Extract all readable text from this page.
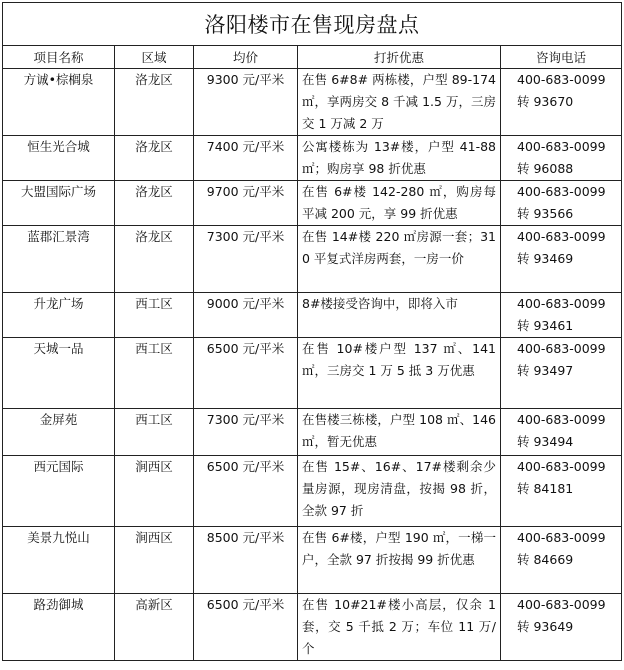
洛阳楼市在售现房盘点				
项目名称	区域	均价	打折优惠	咨询电话
方诚•棕榈泉	洛龙区	9300 元/平米	在售 6#8# 两栋楼，户型 89-174 ㎡，享两房交 8 千减 1.5 万，三房交 1 万减 2 万	400-683-0099
转 93670

恒生光合城	洛龙区	7400 元/平米	公寓楼栋为 13#楼，户型 41-88 ㎡；购房享 98 折优惠	400-683-0099
转 96088

大盟国际广场	洛龙区	9700 元/平米	在售 6#楼 142-280 ㎡，购房每平减 200 元，享 99 折优惠	400-683-0099
转 93566

蓝郡汇景湾	洛龙区	7300 元/平米	在售 14#楼 220 ㎡房源一套；310 平复式洋房两套，一房一价	400-683-0099
转 93469

升龙广场	西工区	9000 元/平米	8#楼接受咨询中，即将入市	400-683-0099
转 93461

天城一品	西工区	6500 元/平米	在售 10#楼户型 137 ㎡、141 ㎡，三房交 1 万 5 抵 3 万优惠	400-683-0099
转 93497

金屏苑	西工区	7300 元/平米	在售楼三栋楼，户型 108 ㎡、146 ㎡，暂无优惠	400-683-0099
转 93494

西元国际	涧西区	6500 元/平米	在售 15#、16#、17#楼剩余少量房源，现房清盘，按揭 98 折，全款 97 折	400-683-0099
转 84181

美景九悦山	涧西区	8500 元/平米	在售 6#楼，户型 190 ㎡，一梯一户，全款 97 折按揭 99 折优惠	400-683-0099
转 84669

路劲御城	高新区	6500 元/平米	在售 10#21#楼小高层，仅余 1 套，交 5 千抵 2 万；车位 11 万/个	400-683-0099
转 93649
